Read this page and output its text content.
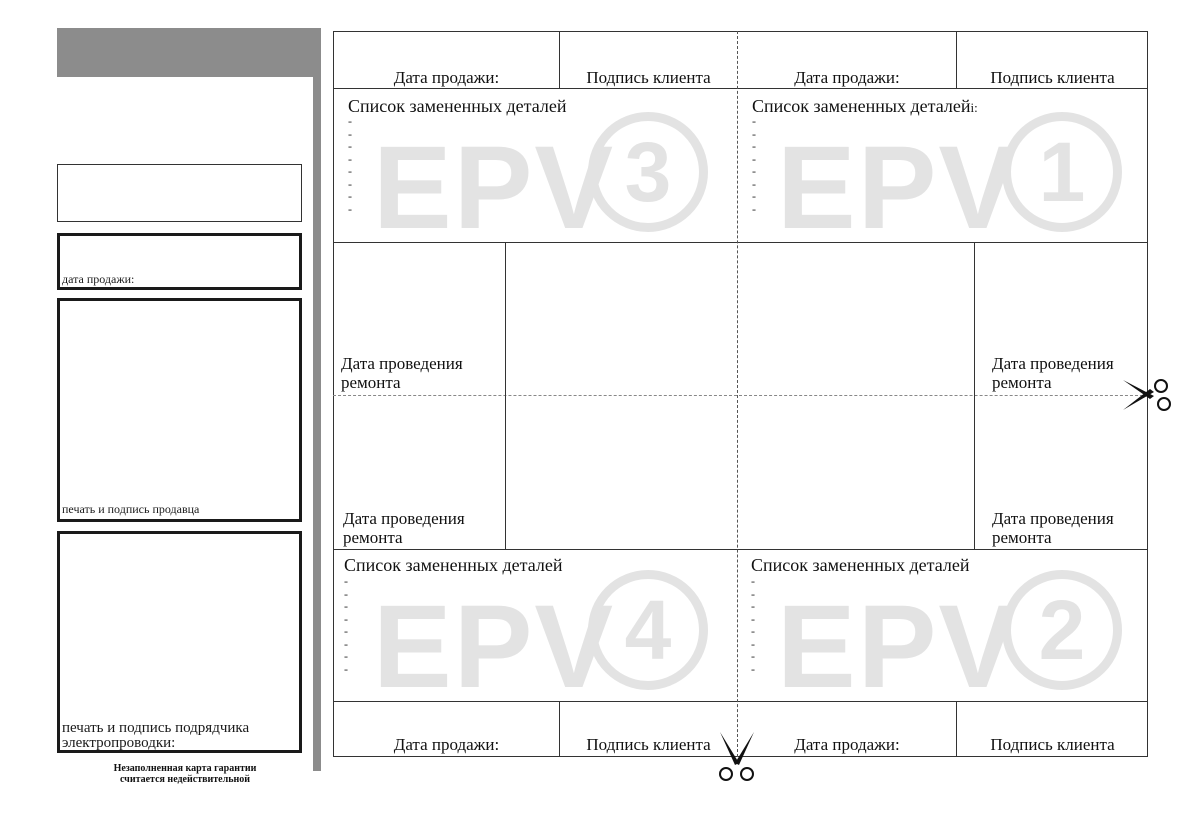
дата продажи:
печать и подпись продавца
печать и подпись подрядчика
электропроводки:
Незаполненная карта гарантии
считается недействительной
Дата продажи:	Подпись клиента	Дата продажи:	Подпись клиента
EPV 3
Список замененных деталей
-
-
-
-
-
-
-
-	EPV 1
Список замененных деталейi:
-
-
-
-
-
-
-
-
Дата проведения
ремонта
Дата проведения
ремонта
Дата проведения
ремонта
Дата проведения
ремонта
EPV 4
Список замененных деталей
-
-
-
-
-
-
-
-	EPV 2
Список замененных деталей
-
-
-
-
-
-
-
-
Дата продажи:	Подпись клиента	Дата продажи:	Подпись клиента
